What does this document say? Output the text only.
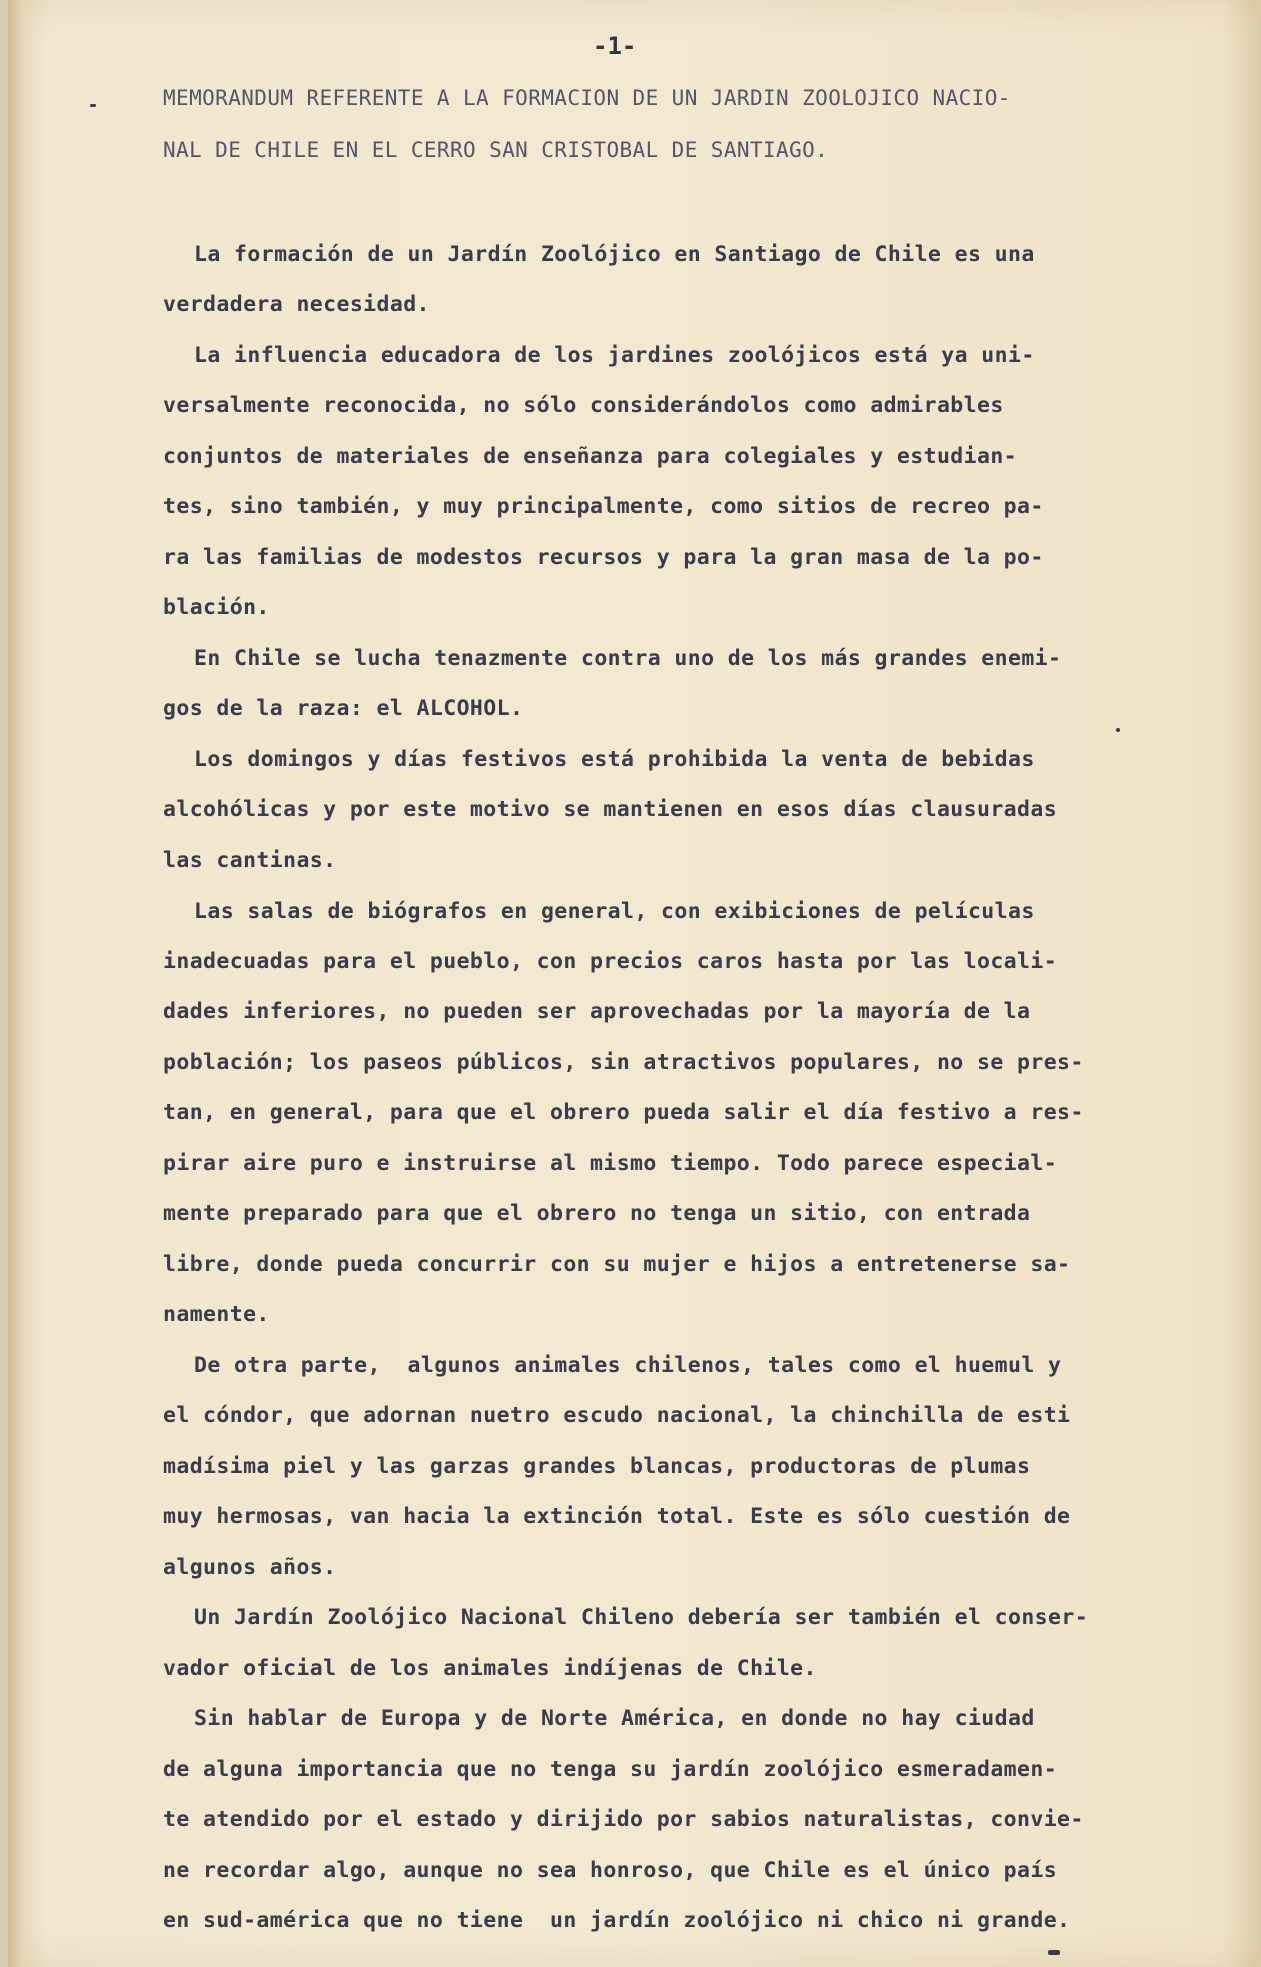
-1-
MEMORANDUM REFERENTE A LA FORMACION DE UN JARDIN ZOOLOJICO NACIO-
NAL DE CHILE EN EL CERRO SAN CRISTOBAL DE SANTIAGO.
La formación de un Jardín Zoolójico en Santiago de Chile es una
verdadera necesidad.
La influencia educadora de los jardines zoolójicos está ya uni-
versalmente reconocida, no sólo considerándolos como admirables
conjuntos de materiales de enseñanza para colegiales y estudian-
tes, sino también, y muy principalmente, como sitios de recreo pa-
ra las familias de modestos recursos y para la gran masa de la po-
blación.
En Chile se lucha tenazmente contra uno de los más grandes enemi-
gos de la raza: el ALCOHOL.
Los domingos y días festivos está prohibida la venta de bebidas
alcohólicas y por este motivo se mantienen en esos días clausuradas
las cantinas.
Las salas de biógrafos en general, con exibiciones de películas
inadecuadas para el pueblo, con precios caros hasta por las locali-
dades inferiores, no pueden ser aprovechadas por la mayoría de la
población; los paseos públicos, sin atractivos populares, no se pres-
tan, en general, para que el obrero pueda salir el día festivo a res-
pirar aire puro e instruirse al mismo tiempo. Todo parece especial-
mente preparado para que el obrero no tenga un sitio, con entrada
libre, donde pueda concurrir con su mujer e hijos a entretenerse sa-
namente.
De otra parte,  algunos animales chilenos, tales como el huemul y
el cóndor, que adornan nuetro escudo nacional, la chinchilla de esti
madísima piel y las garzas grandes blancas, productoras de plumas
muy hermosas, van hacia la extinción total. Este es sólo cuestión de
algunos años.
Un Jardín Zoolójico Nacional Chileno debería ser también el conser-
vador oficial de los animales indíjenas de Chile.
Sin hablar de Europa y de Norte América, en donde no hay ciudad
de alguna importancia que no tenga su jardín zoolójico esmeradamen-
te atendido por el estado y dirijido por sabios naturalistas, convie-
ne recordar algo, aunque no sea honroso, que Chile es el único país
en sud-américa que no tiene  un jardín zoolójico ni chico ni grande.
